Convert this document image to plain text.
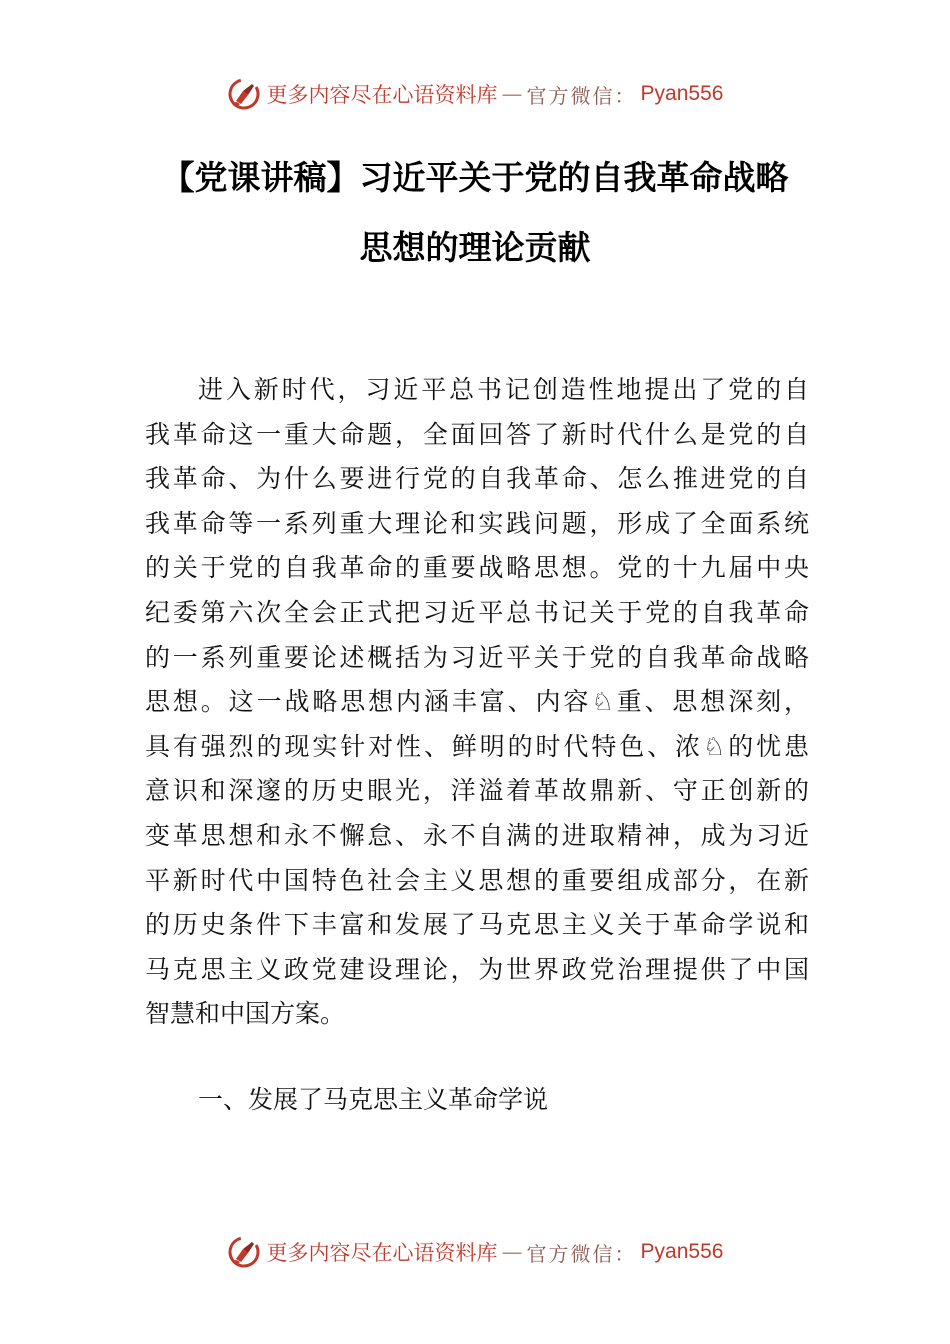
更多内容尽在心语资料库 — 官方微信： Pyan556
【党课讲稿】习近平关于党的自我革命战略
思想的理论贡献
进入新时代，习近平总书记创造性地提出了党的自
我革命这一重大命题，全面回答了新时代什么是党的自
我革命、为什么要进行党的自我革命、怎么推进党的自
我革命等一系列重大理论和实践问题，形成了全面系统
的关于党的自我革命的重要战略思想。党的十九届中央
纪委第六次全会正式把习近平总书记关于党的自我革命
的一系列重要论述概括为习近平关于党的自我革命战略
思想。这一战略思想内涵丰富、内容♘重、思想深刻，
具有强烈的现实针对性、鲜明的时代特色、浓♘的忧患
意识和深邃的历史眼光，洋溢着革故鼎新、守正创新的
变革思想和永不懈怠、永不自满的进取精神，成为习近
平新时代中国特色社会主义思想的重要组成部分，在新
的历史条件下丰富和发展了马克思主义关于革命学说和
马克思主义政党建设理论，为世界政党治理提供了中国
智慧和中国方案。

一、发展了马克思主义革命学说

更多内容尽在心语资料库 — 官方微信： Pyan556
